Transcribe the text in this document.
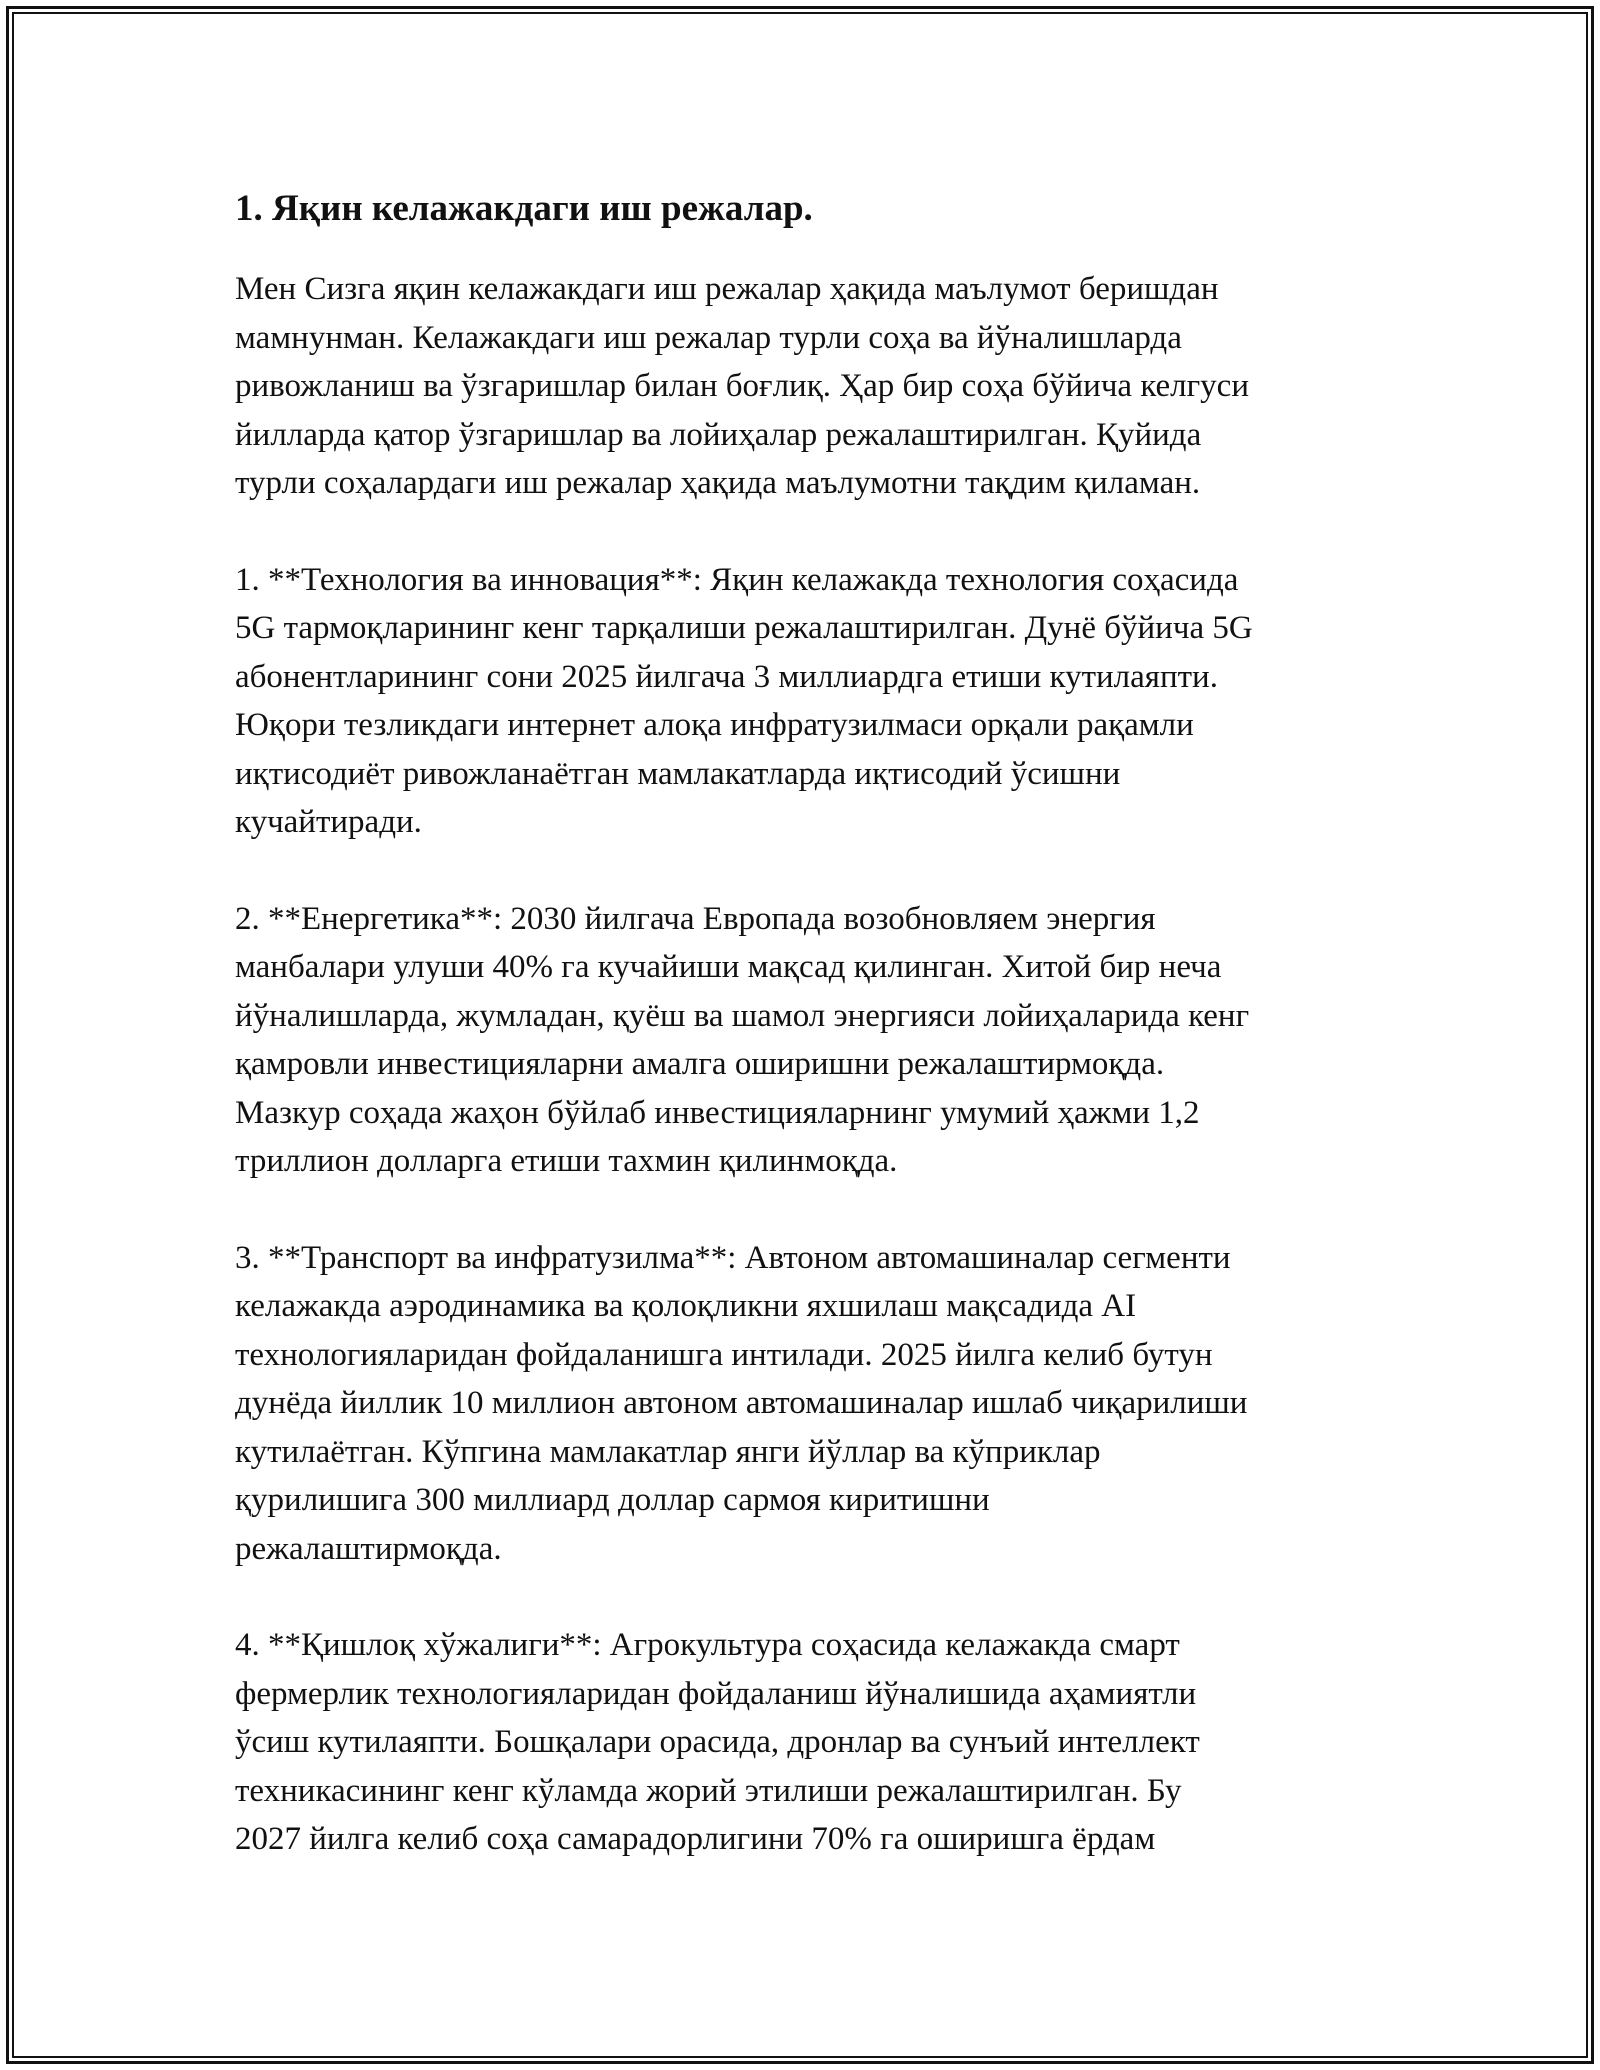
1. Яқин келажакдаги иш режалар.

Мен Сизга яқин келажакдаги иш режалар ҳақида маълумот беришдан
мамнунман. Келажакдаги иш режалар турли соҳа ва йўналишларда
ривожланиш ва ўзгаришлар билан боғлиқ. Ҳар бир соҳа бўйича келгуси
йилларда қатор ўзгаришлар ва лойиҳалар режалаштирилган. Қуйида
турли соҳалардаги иш режалар ҳақида маълумотни тақдим қиламан.

1. **Технология ва инновация**: Яқин келажакда технология соҳасида
5G тармоқларининг кенг тарқалиши режалаштирилган. Дунё бўйича 5G
абонентларининг сони 2025 йилгача 3 миллиардга етиши кутилаяпти.
Юқори тезликдаги интернет алоқа инфратузилмаси орқали рақамли
иқтисодиёт ривожланаётган мамлакатларда иқтисодий ўсишни
кучайтиради.

2. **Енергетика**: 2030 йилгача Европада возобновляем энергия
манбалари улуши 40% га кучайиши мақсад қилинган. Хитой бир неча
йўналишларда, жумладан, қуёш ва шамол энергияси лойиҳаларида кенг
қамровли инвестицияларни амалга оширишни режалаштирмоқда.
Мазкур соҳада жаҳон бўйлаб инвестицияларнинг умумий ҳажми 1,2
триллион долларга етиши тахмин қилинмоқда.

3. **Транспорт ва инфратузилма**: Автоном автомашиналар сегменти
келажакда аэродинамика ва қолоқликни яхшилаш мақсадида AI
технологияларидан фойдаланишга интилади. 2025 йилга келиб бутун
дунёда йиллик 10 миллион автоном автомашиналар ишлаб чиқарилиши
кутилаётган. Кўпгина мамлакатлар янги йўллар ва кўприклар
қурилишига 300 миллиард доллар сармоя киритишни
режалаштирмоқда.

4. **Қишлоқ хўжалиги**: Агрокультура соҳасида келажакда смарт
фермерлик технологияларидан фойдаланиш йўналишида аҳамиятли
ўсиш кутилаяпти. Бошқалари орасида, дронлар ва сунъий интеллект
техникасининг кенг кўламда жорий этилиши режалаштирилган. Бу
2027 йилга келиб соҳа самарадорлигини 70% га оширишга ёрдам
